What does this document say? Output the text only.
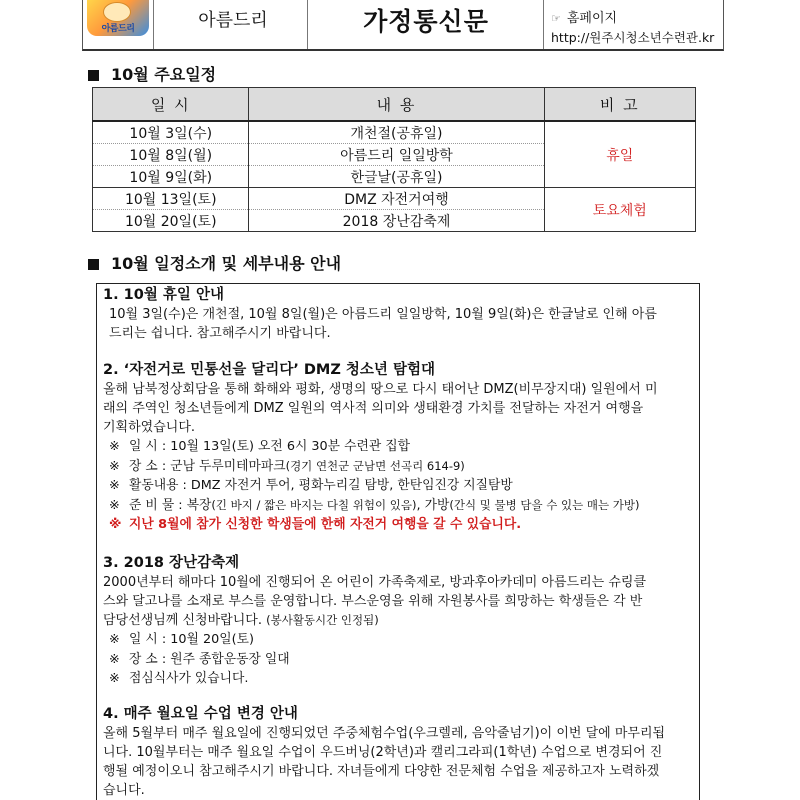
아름드리	아름드리	가정통신문	☞ 홈페이지
http://원주시청소년수련관.kr
10월 주요일정
일 시	내 용	비 고
10월 3일(수)	개천절(공휴일)	휴일
10월 8일(월)	아름드리 일일방학	
10월 9일(화)	한글날(공휴일)	
10월 13일(토)	DMZ 자전거여행	토요체험
10월 20일(토)	2018 장난감축제	
10월 일정소개 및 세부내용 안내
1. 10월 휴일 안내

10월 3일(수)은 개천절, 10월 8일(월)은 아름드리 일일방학, 10월 9일(화)은 한글날로 인해 아름

드리는 쉽니다. 참고해주시기 바랍니다.

2. ‘자전거로 민통선을 달리다’ DMZ 청소년 탐험대

올해 남북정상회담을 통해 화해와 평화, 생명의 땅으로 다시 태어난 DMZ(비무장지대) 일원에서 미

래의 주역인 청소년들에게 DMZ 일원의 역사적 의미와 생태환경 가치를 전달하는 자전거 여행을

기획하였습니다.

※ 일 시 : 10월 13일(토) 오전 6시 30분 수련관 집합
※ 장 소 : 군남 두루미테마파크(경기 연천군 군남면 선곡리 614-9)
※ 활동내용 : DMZ 자전거 투어, 평화누리길 탐방, 한탄임진강 지질탐방
※ 준 비 물 : 복장(긴 바지 / 짧은 바지는 다칠 위험이 있음), 가방(간식 및 물병 담을 수 있는 매는 가방)
※ 지난 8월에 참가 신청한 학생들에 한해 자전거 여행을 갈 수 있습니다.
3. 2018 장난감축제

2000년부터 해마다 10월에 진행되어 온 어린이 가족축제로, 방과후아카데미 아름드리는 슈링클

스와 달고나를 소재로 부스를 운영합니다. 부스운영을 위해 자원봉사를 희망하는 학생들은 각 반

담당선생님께 신청바랍니다. (봉사활동시간 인정됨)

※ 일 시 : 10월 20일(토)
※ 장 소 : 원주 종합운동장 일대
※ 점심식사가 있습니다.
4. 매주 월요일 수업 변경 안내

올해 5월부터 매주 월요일에 진행되었던 주중체험수업(우크렐레, 음악줄넘기)이 이번 달에 마무리됩

니다. 10월부터는 매주 월요일 수업이 우드버닝(2학년)과 캘리그라피(1학년) 수업으로 변경되어 진

행될 예정이오니 참고해주시기 바랍니다. 자녀들에게 다양한 전문체험 수업을 제공하고자 노력하겠

습니다.
